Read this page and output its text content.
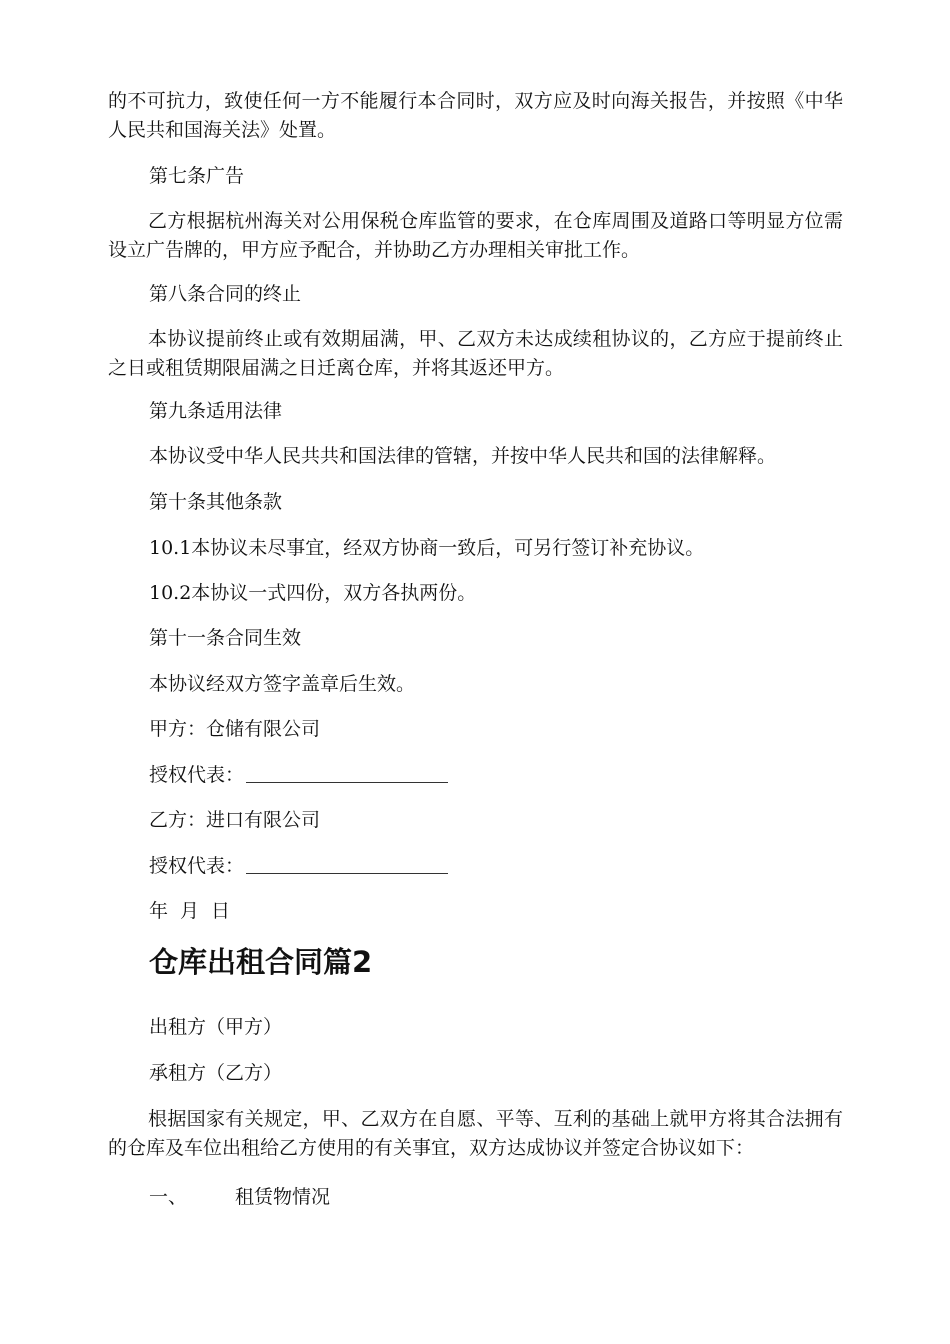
的不可抗力，致使任何一方不能履行本合同时，双方应及时向海关报告，并按照《中华人民共和国海关法》处置。

第七条广告

乙方根据杭州海关对公用保税仓库监管的要求，在仓库周围及道路口等明显方位需设立广告牌的，甲方应予配合，并协助乙方办理相关审批工作。

第八条合同的终止

本协议提前终止或有效期届满，甲、乙双方未达成续租协议的，乙方应于提前终止之日或租赁期限届满之日迁离仓库，并将其返还甲方。

第九条适用法律

本协议受中华人民共共和国法律的管辖，并按中华人民共和国的法律解释。

第十条其他条款

10.1本协议未尽事宜，经双方协商一致后，可另行签订补充协议。

10.2本协议一式四份，双方各执两份。

第十一条合同生效

本协议经双方签字盖章后生效。

甲方：仓储有限公司

授权代表：

乙方：进口有限公司

授权代表：

年 月 日

仓库出租合同篇2

出租方（甲方）

承租方（乙方）

根据国家有关规定，甲、乙双方在自愿、平等、互利的基础上就甲方将其合法拥有的仓库及车位出租给乙方使用的有关事宜，双方达成协议并签定合协议如下：

一、	租赁物情况
